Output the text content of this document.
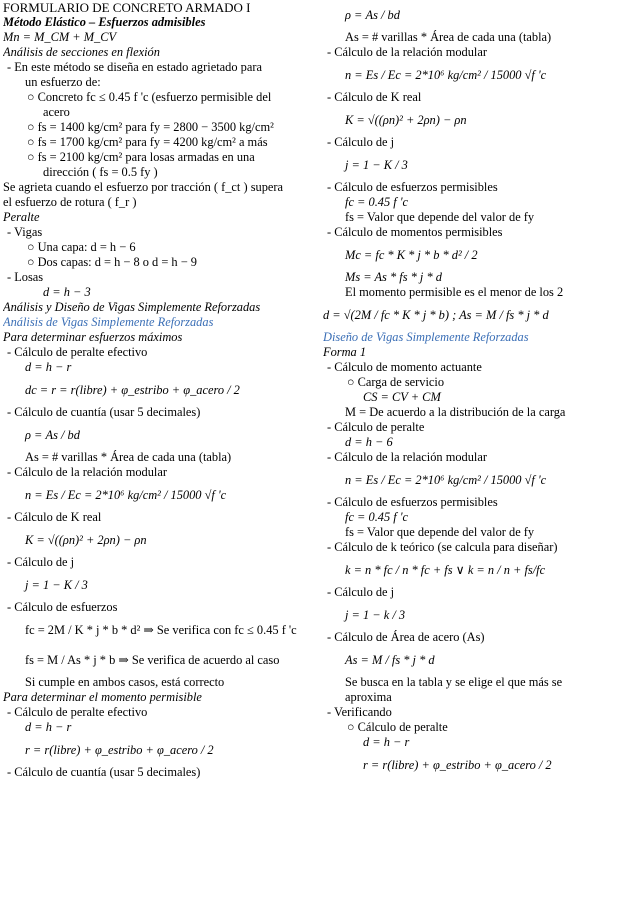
FORMULARIO DE CONCRETO ARMADO I
Método Elástico – Esfuerzos admisibles
Mn = M_CM + M_CV
Análisis de secciones en flexión
- En este método se diseña en estado agrietado para
un esfuerzo de:
○ Concreto fc ≤ 0.45 f 'c (esfuerzo permisible del
acero
○ fs = 1400 kg/cm² para fy = 2800 − 3500 kg/cm²
○ fs = 1700 kg/cm² para fy = 4200 kg/cm² a más
○ fs = 2100 kg/cm² para losas armadas en una
dirección ( fs = 0.5 fy )
Se agrieta cuando el esfuerzo por tracción ( f_ct ) supera
el esfuerzo de rotura ( f_r )
Peralte
- Vigas
○ Una capa: d = h − 6
○ Dos capas: d = h − 8 o d = h − 9
- Losas
d = h − 3
Análisis y Diseño de Vigas Simplemente Reforzadas
Análisis de Vigas Simplemente Reforzadas
Para determinar esfuerzos máximos
- Cálculo de peralte efectivo
d = h − r
dc = r = r(libre) + φ_estribo + φ_acero / 2
- Cálculo de cuantía (usar 5 decimales)
ρ = As / bd
As = # varillas * Área de cada una (tabla)
- Cálculo de la relación modular
n = Es / Ec = 2*10⁶ kg/cm² / 15000 √f 'c
- Cálculo de K real
K = √((ρn)² + 2ρn) − ρn
- Cálculo de j
j = 1 − K / 3
- Cálculo de esfuerzos
fc = 2M / K * j * b * d² ⇒ Se verifica con fc ≤ 0.45 f 'c
fs = M / As * j * b ⇒ Se verifica de acuerdo al caso
Si cumple en ambos casos, está correcto
Para determinar el momento permisible
- Cálculo de peralte efectivo
d = h − r
r = r(libre) + φ_estribo + φ_acero / 2
- Cálculo de cuantía (usar 5 decimales)
ρ = As / bd
As = # varillas * Área de cada una (tabla)
- Cálculo de la relación modular
n = Es / Ec = 2*10⁶ kg/cm² / 15000 √f 'c
- Cálculo de K real
K = √((ρn)² + 2ρn) − ρn
- Cálculo de j
j = 1 − K / 3
- Cálculo de esfuerzos permisibles
fc = 0.45 f 'c
fs = Valor que depende del valor de fy
- Cálculo de momentos permisibles
Mc = fc * K * j * b * d² / 2
Ms = As * fs * j * d
El momento permisible es el menor de los 2
d = √(2M / fc * K * j * b) ; As = M / fs * j * d
Diseño de Vigas Simplemente Reforzadas
Forma 1
- Cálculo de momento actuante
○ Carga de servicio
CS = CV + CM
M = De acuerdo a la distribución de la carga
- Cálculo de peralte
d = h − 6
- Cálculo de la relación modular
n = Es / Ec = 2*10⁶ kg/cm² / 15000 √f 'c
- Cálculo de esfuerzos permisibles
fc = 0.45 f 'c
fs = Valor que depende del valor de fy
- Cálculo de k teórico (se calcula para diseñar)
k = n * fc / n * fc + fs ∨ k = n / n + fs/fc
- Cálculo de j
j = 1 − k / 3
- Cálculo de Área de acero (As)
As = M / fs * j * d
Se busca en la tabla y se elige el que más se
aproxima
- Verificando
○ Cálculo de peralte
d = h − r
r = r(libre) + φ_estribo + φ_acero / 2
